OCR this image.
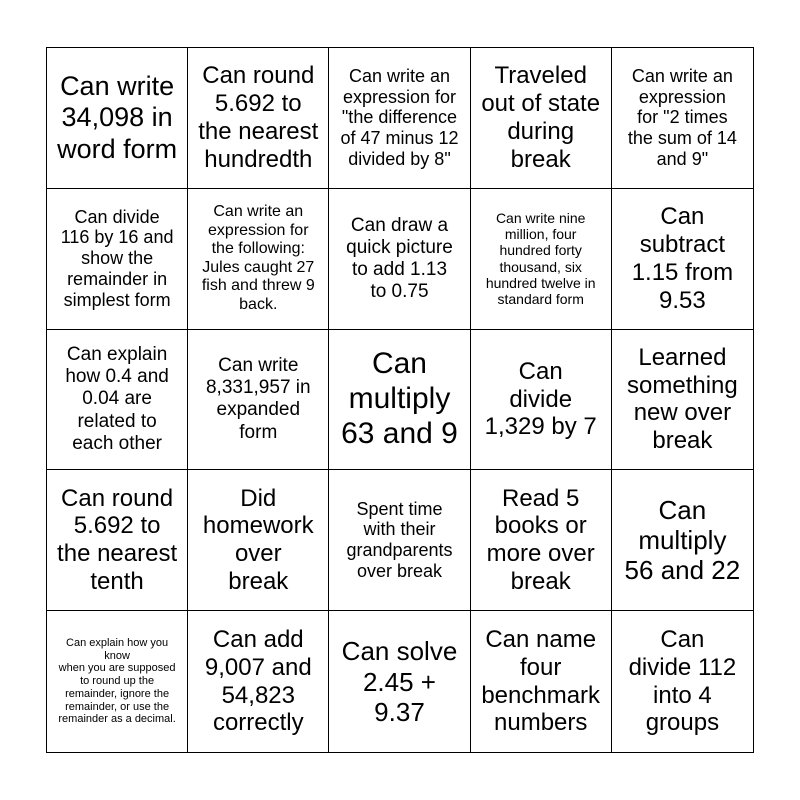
Can write
34,098 in
word form
Can round
5.692 to
the nearest
hundredth
Can write an
expression for
"the difference
of 47 minus 12
divided by 8"
Traveled
out of state
during
break
Can write an
expression
for "2 times
the sum of 14
and 9"
Can divide
116 by 16 and
show the
remainder in
simplest form
Can write an
expression for
the following:
Jules caught 27
fish and threw 9
back.
Can draw a
quick picture
to add 1.13
to 0.75
Can write nine
million, four
hundred forty
thousand, six
hundred twelve in
standard form
Can
subtract
1.15 from
9.53
Can explain
how 0.4 and
0.04 are
related to
each other
Can write
8,331,957 in
expanded
form
Can
multiply
63 and 9
Can
divide
1,329 by 7
Learned
something
new over
break
Can round
5.692 to
the nearest
tenth
Did
homework
over
break
Spent time
with their
grandparents
over break
Read 5
books or
more over
break
Can
multiply
56 and 22
Can explain how you
know
when you are supposed
to round up the
remainder, ignore the
remainder, or use the
remainder as a decimal.
Can add
9,007 and
54,823
correctly
Can solve
2.45 +
9.37
Can name
four
benchmark
numbers
Can
divide 112
into 4
groups
